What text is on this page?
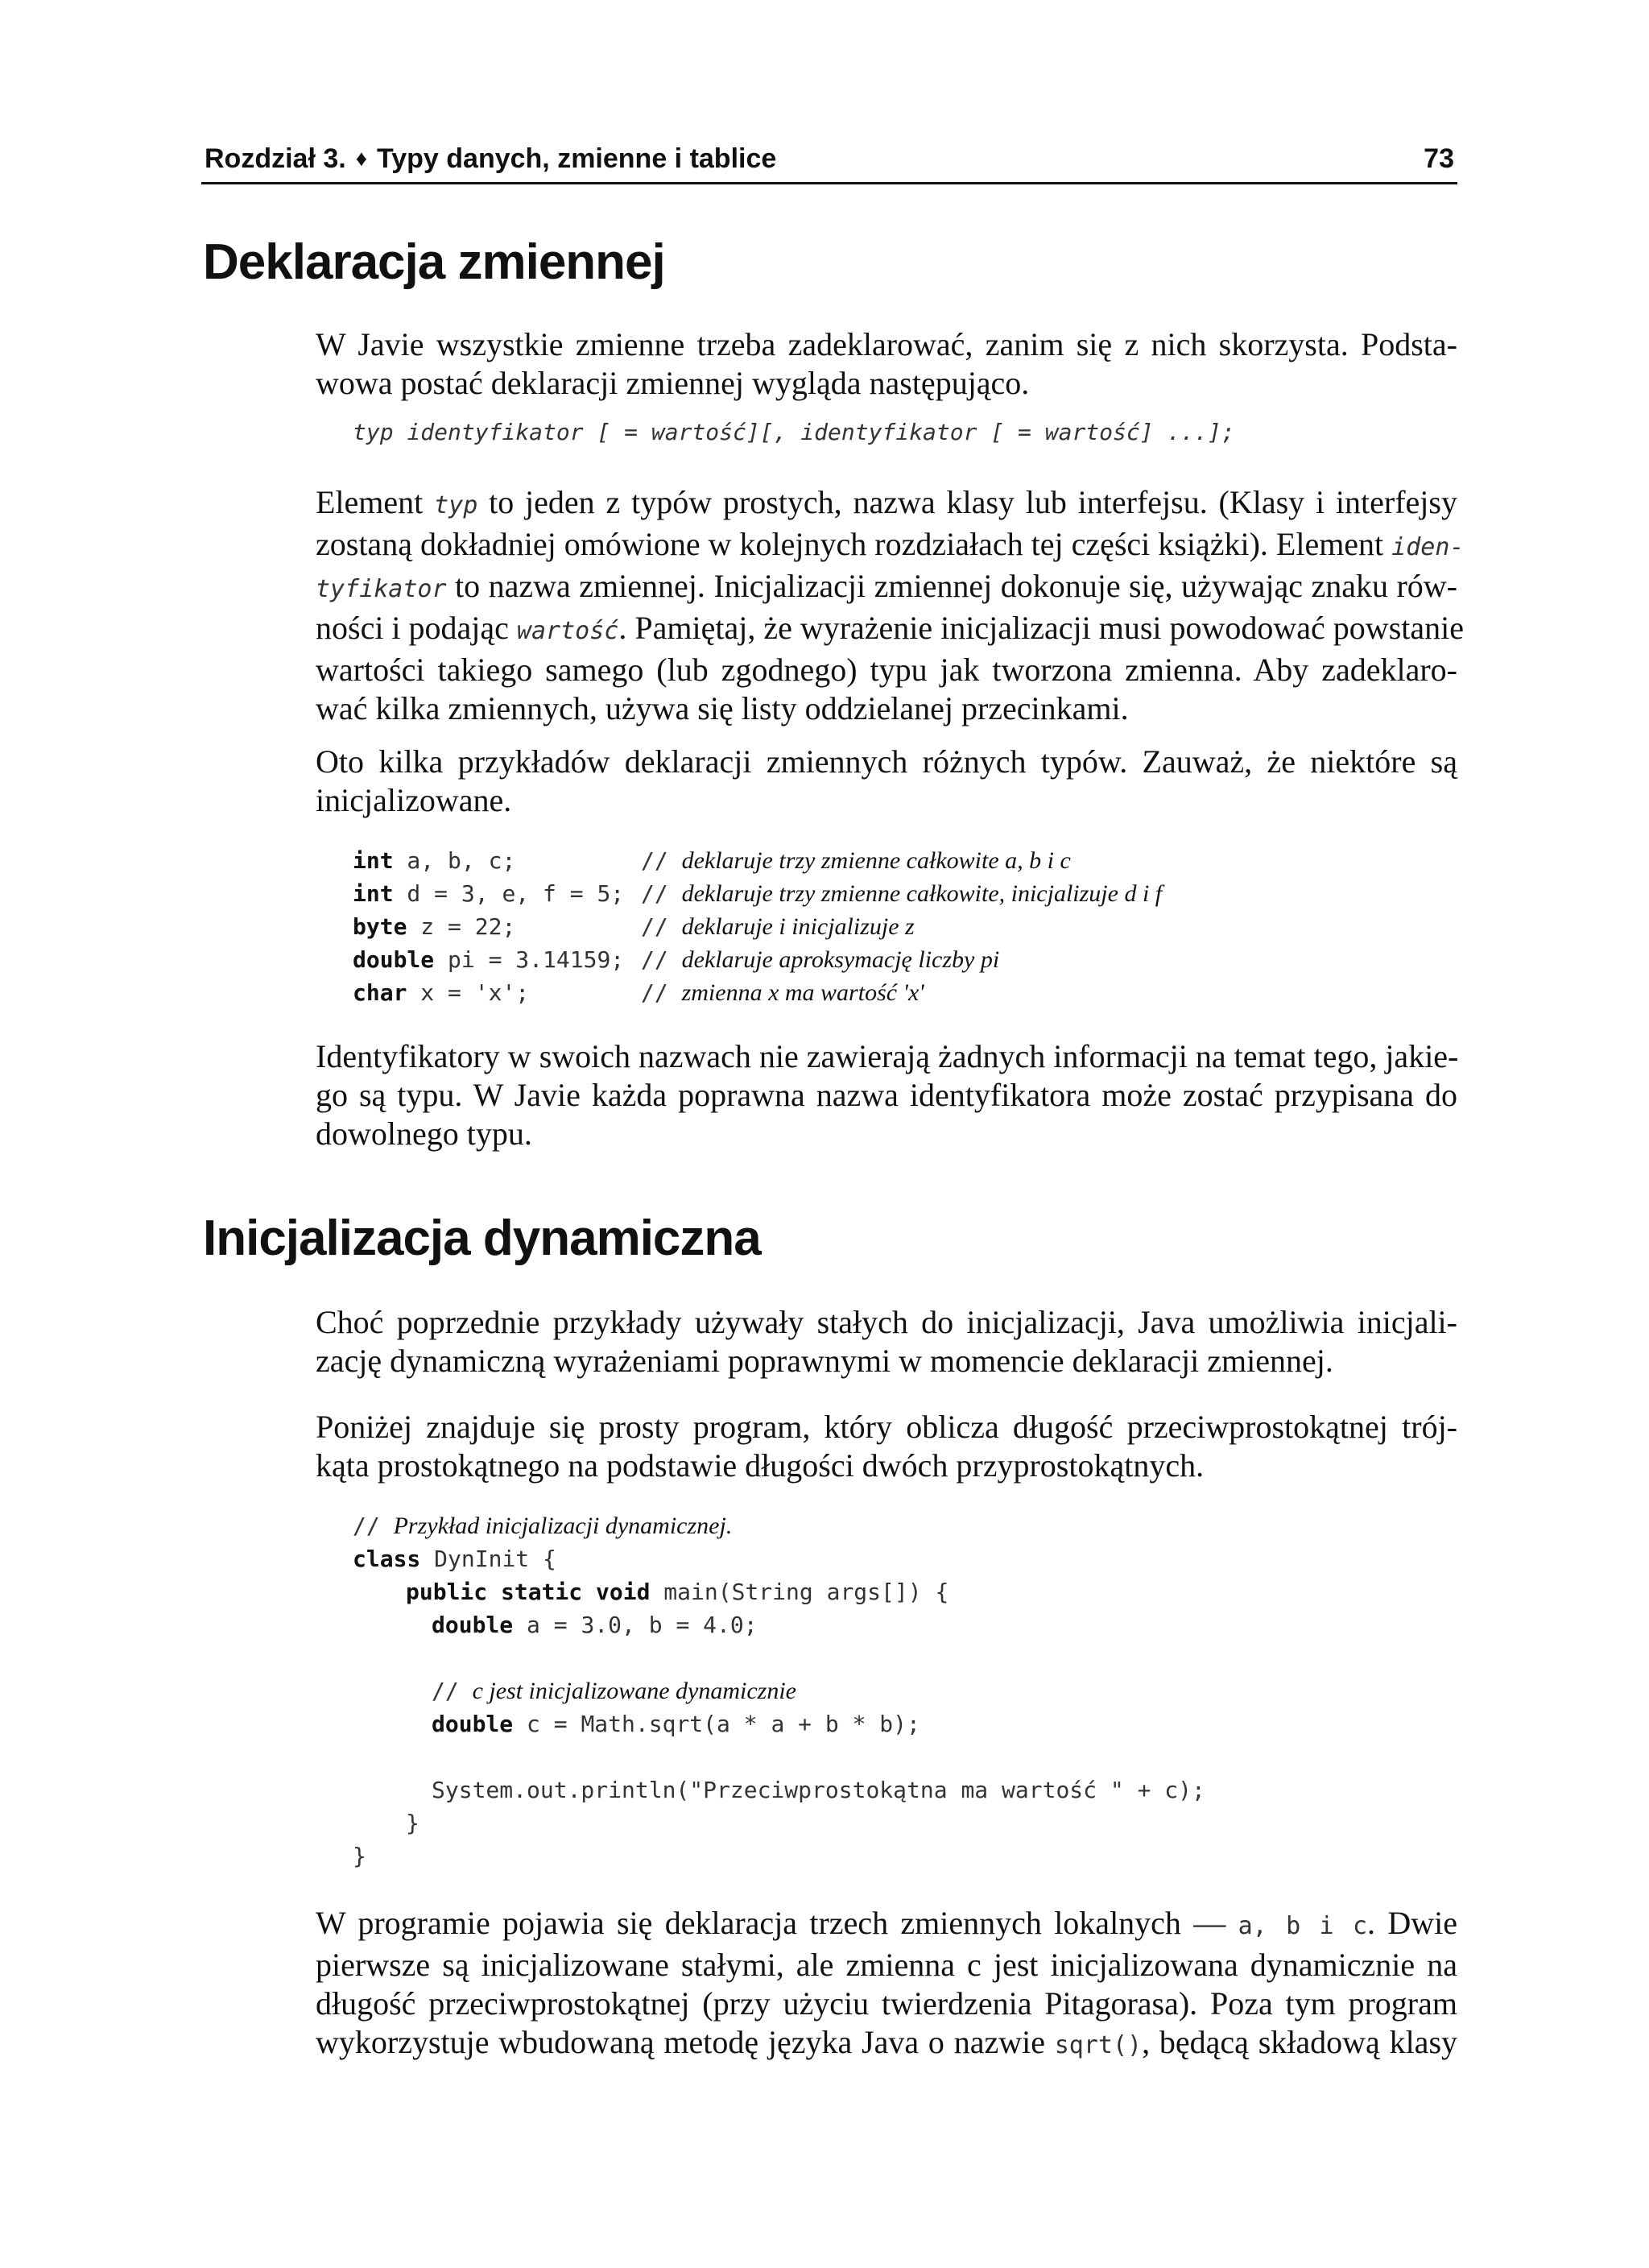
Rozdział 3. ♦ Typy danych, zmienne i tablice	73
Deklaracja zmiennej
W Javie wszystkie zmienne trzeba zadeklarować, zanim się z nich skorzysta. Podsta-
wowa postać deklaracji zmiennej wygląda następująco.
typ identyfikator [ = wartość][, identyfikator [ = wartość] ...];
Element typ to jeden z typów prostych, nazwa klasy lub interfejsu. (Klasy i interfejsy
zostaną dokładniej omówione w kolejnych rozdziałach tej części książki). Element iden-
tyfikator to nazwa zmiennej. Inicjalizacji zmiennej dokonuje się, używając znaku rów-
ności i podając wartość. Pamiętaj, że wyrażenie inicjalizacji musi powodować powstanie
wartości takiego samego (lub zgodnego) typu jak tworzona zmienna. Aby zadeklaro-
wać kilka zmiennych, używa się listy oddzielanej przecinkami.
Oto kilka przykładów deklaracji zmiennych różnych typów. Zauważ, że niektóre są
inicjalizowane.
int a, b, c;	// deklaruje trzy zmienne całkowite a, b i c
int d = 3, e, f = 5; // deklaruje trzy zmienne całkowite, inicjalizuje d i f
byte z = 22;	// deklaruje i inicjalizuje z
double pi = 3.14159; // deklaruje aproksymację liczby pi
char x = 'x';	// zmienna x ma wartość 'x'
Identyfikatory w swoich nazwach nie zawierają żadnych informacji na temat tego, jakie-
go są typu. W Javie każda poprawna nazwa identyfikatora może zostać przypisana do
dowolnego typu.
Inicjalizacja dynamiczna
Choć poprzednie przykłady używały stałych do inicjalizacji, Java umożliwia inicjali-
zację dynamiczną wyrażeniami poprawnymi w momencie deklaracji zmiennej.
Poniżej znajduje się prosty program, który oblicza długość przeciwprostokątnej trój-
kąta prostokątnego na podstawie długości dwóch przyprostokątnych.
// Przykład inicjalizacji dynamicznej.
class DynInit {
public static void main(String args[]) {
double a = 3.0, b = 4.0;
// c jest inicjalizowane dynamicznie
double c = Math.sqrt(a * a + b * b);
System.out.println("Przeciwprostokątna ma wartość " + c);
}
}
W programie pojawia się deklaracja trzech zmiennych lokalnych — a, b i c. Dwie
pierwsze są inicjalizowane stałymi, ale zmienna c jest inicjalizowana dynamicznie na
długość przeciwprostokątnej (przy użyciu twierdzenia Pitagorasa). Poza tym program
wykorzystuje wbudowaną metodę języka Java o nazwie sqrt(), będącą składową klasy
